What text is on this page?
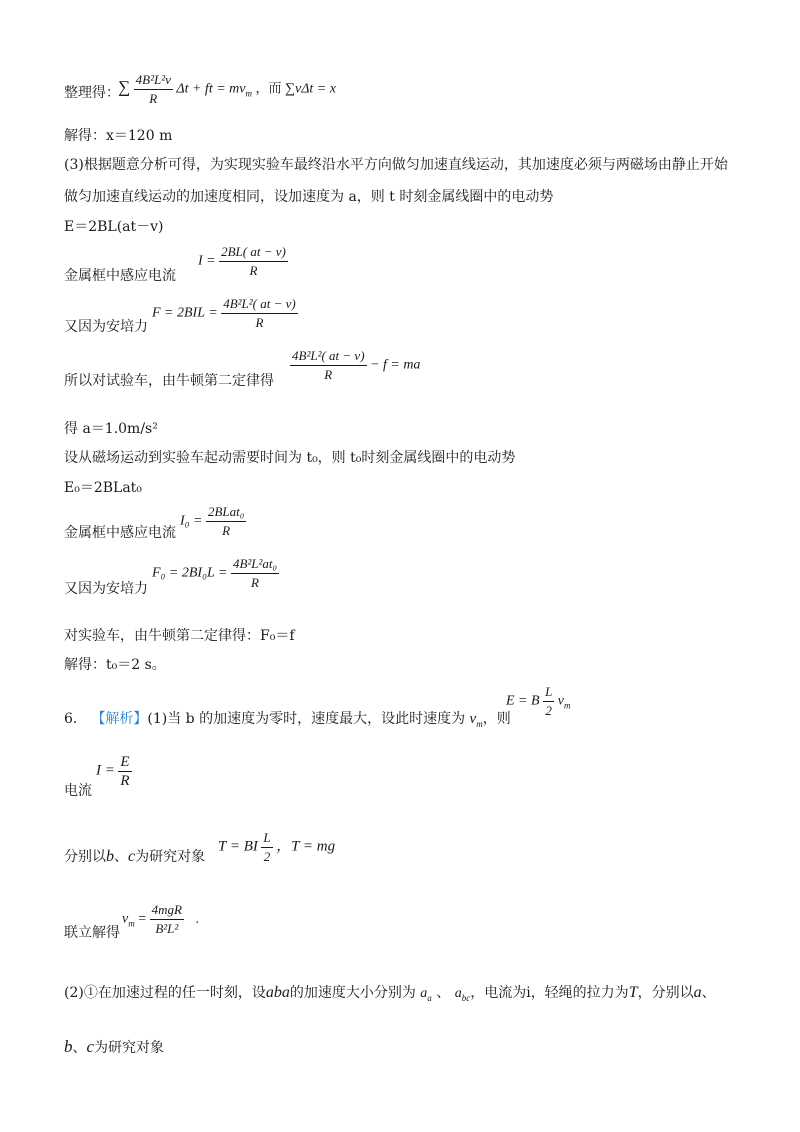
整理得：
∑ $\frac{\text{4B²L²v}}{R}$ Δt + ft = $mv_m$ ，而 ∑vΔt = x
解得：x＝120 m
(3)根据题意分析可得，为实现实验车最终沿水平方向做匀加速直线运动，其加速度必须与两磁场由静止开始
做匀加速直线运动的加速度相同，设加速度为 a，则 t 时刻金属线圈中的电动势
E＝2BL(at－v)
金属框中感应电流
$I = \frac{2BL( at - v)}{R}$
又因为安培力
$F = 2BIL = \frac{\text{4B²L²( at − v)}}{R}$
所以对试验车，由牛顿第二定律得 $\frac{\text{4B²L²( at − v)}}{R} - f$ = ma
得 a＝1.0m/s²
设从磁场运动到实验车起动需要时间为 t₀，则 t₀时刻金属线圈中的电动势
E₀＝2BLat₀
金属框中感应电流
$I_0 = \frac{\text{2BLat₀}}{R}$
又因为安培力
$F_0 = 2BI_0L = \frac{\text{4B²L²at₀}}{R}$
对实验车，由牛顿第二定律得：F₀＝f
解得：t₀＝2 s。
6． 【解析】(1)当 b 的加速度为零时，速度最大，设此时速度为 $v_m$，则
E = B $\frac{L}{2} v_m$
电流
$I = \frac{E}{R}$
分别以b、c为研究对象
T = BI $\frac{L}{2}$ ，T = mg
联立解得
$v_m = \frac{\text{4mgR}}{\text{B²L²}}$ .
(2)①在加速过程的任一时刻，设aba的加速度大小分别为 $a_a$ 、 $a_{bc}$，电流为i，轻绳的拉力为T，分别以a、
b、c为研究对象
